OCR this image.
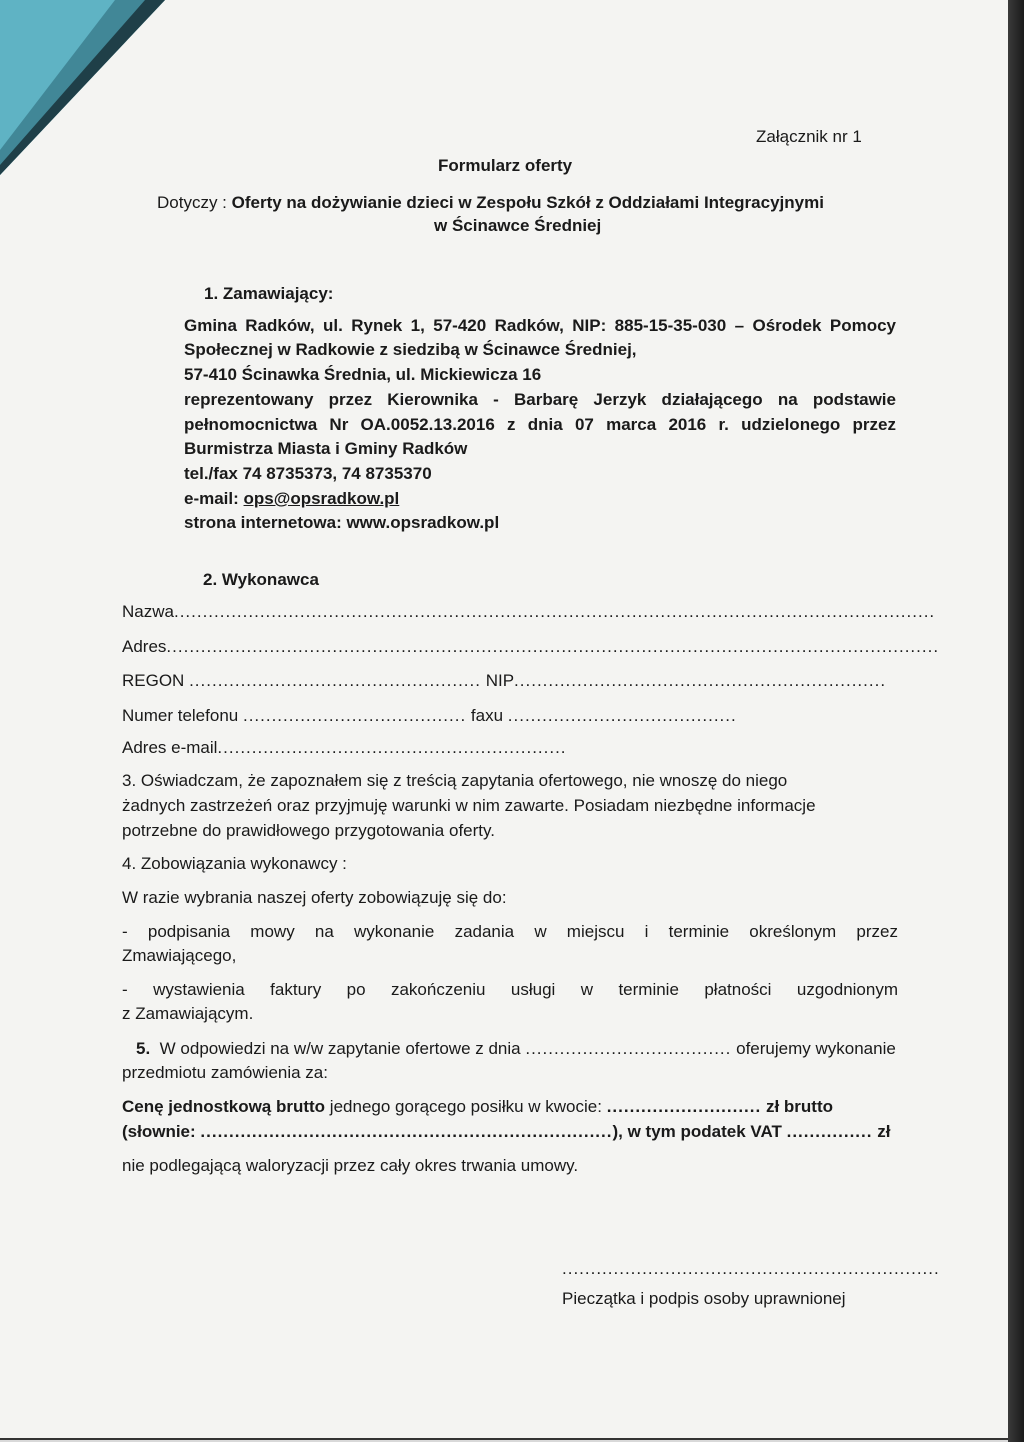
Załącznik nr 1
Formularz oferty
Dotyczy : Oferty na dożywianie dzieci w Zespołu Szkół z Oddziałami Integracyjnymi
w Ścinawce Średniej
1. Zamawiający:
Gmina Radków, ul. Rynek 1, 57-420 Radków, NIP: 885-15-35-030 – Ośrodek Pomocy
Społecznej w Radkowie z siedzibą w Ścinawce Średniej,
57-410 Ścinawka Średnia, ul. Mickiewicza 16
reprezentowany przez Kierownika - Barbarę Jerzyk działającego na podstawie
pełnomocnictwa Nr OA.0052.13.2016 z dnia 07 marca 2016 r. udzielonego przez
Burmistrza Miasta i Gminy Radków
tel./fax 74 8735373, 74 8735370
e-mail: ops@opsradkow.pl
strona internetowa: www.opsradkow.pl
2. Wykonawca
Nazwa.....................................................................................................................................
Adres.......................................................................................................................................
REGON ................................................... NIP.................................................................
Numer telefonu ....................................... faxu ........................................
Adres e-mail.............................................................
3. Oświadczam, że zapoznałem się z treścią zapytania ofertowego, nie wnoszę do niego
żadnych zastrzeżeń oraz przyjmuję warunki w nim zawarte. Posiadam niezbędne informacje
potrzebne do prawidłowego przygotowania oferty.
4. Zobowiązania wykonawcy :
W razie wybrania naszej oferty zobowiązuję się do:
- podpisania mowy na wykonanie zadania w miejscu i terminie określonym przez
Zmawiającego,
- wystawienia faktury po zakończeniu usługi w terminie płatności uzgodnionym
z Zamawiającym.
5. W odpowiedzi na w/w zapytanie ofertowe z dnia .................................... oferujemy wykonanie
przedmiotu zamówienia za:
Cenę jednostkową brutto jednego gorącego posiłku w kwocie: ........................... zł brutto
(słownie: ........................................................................), w tym podatek VAT ............... zł
nie podlegającą waloryzacji przez cały okres trwania umowy.
..................................................................
Pieczątka i podpis osoby uprawnionej
